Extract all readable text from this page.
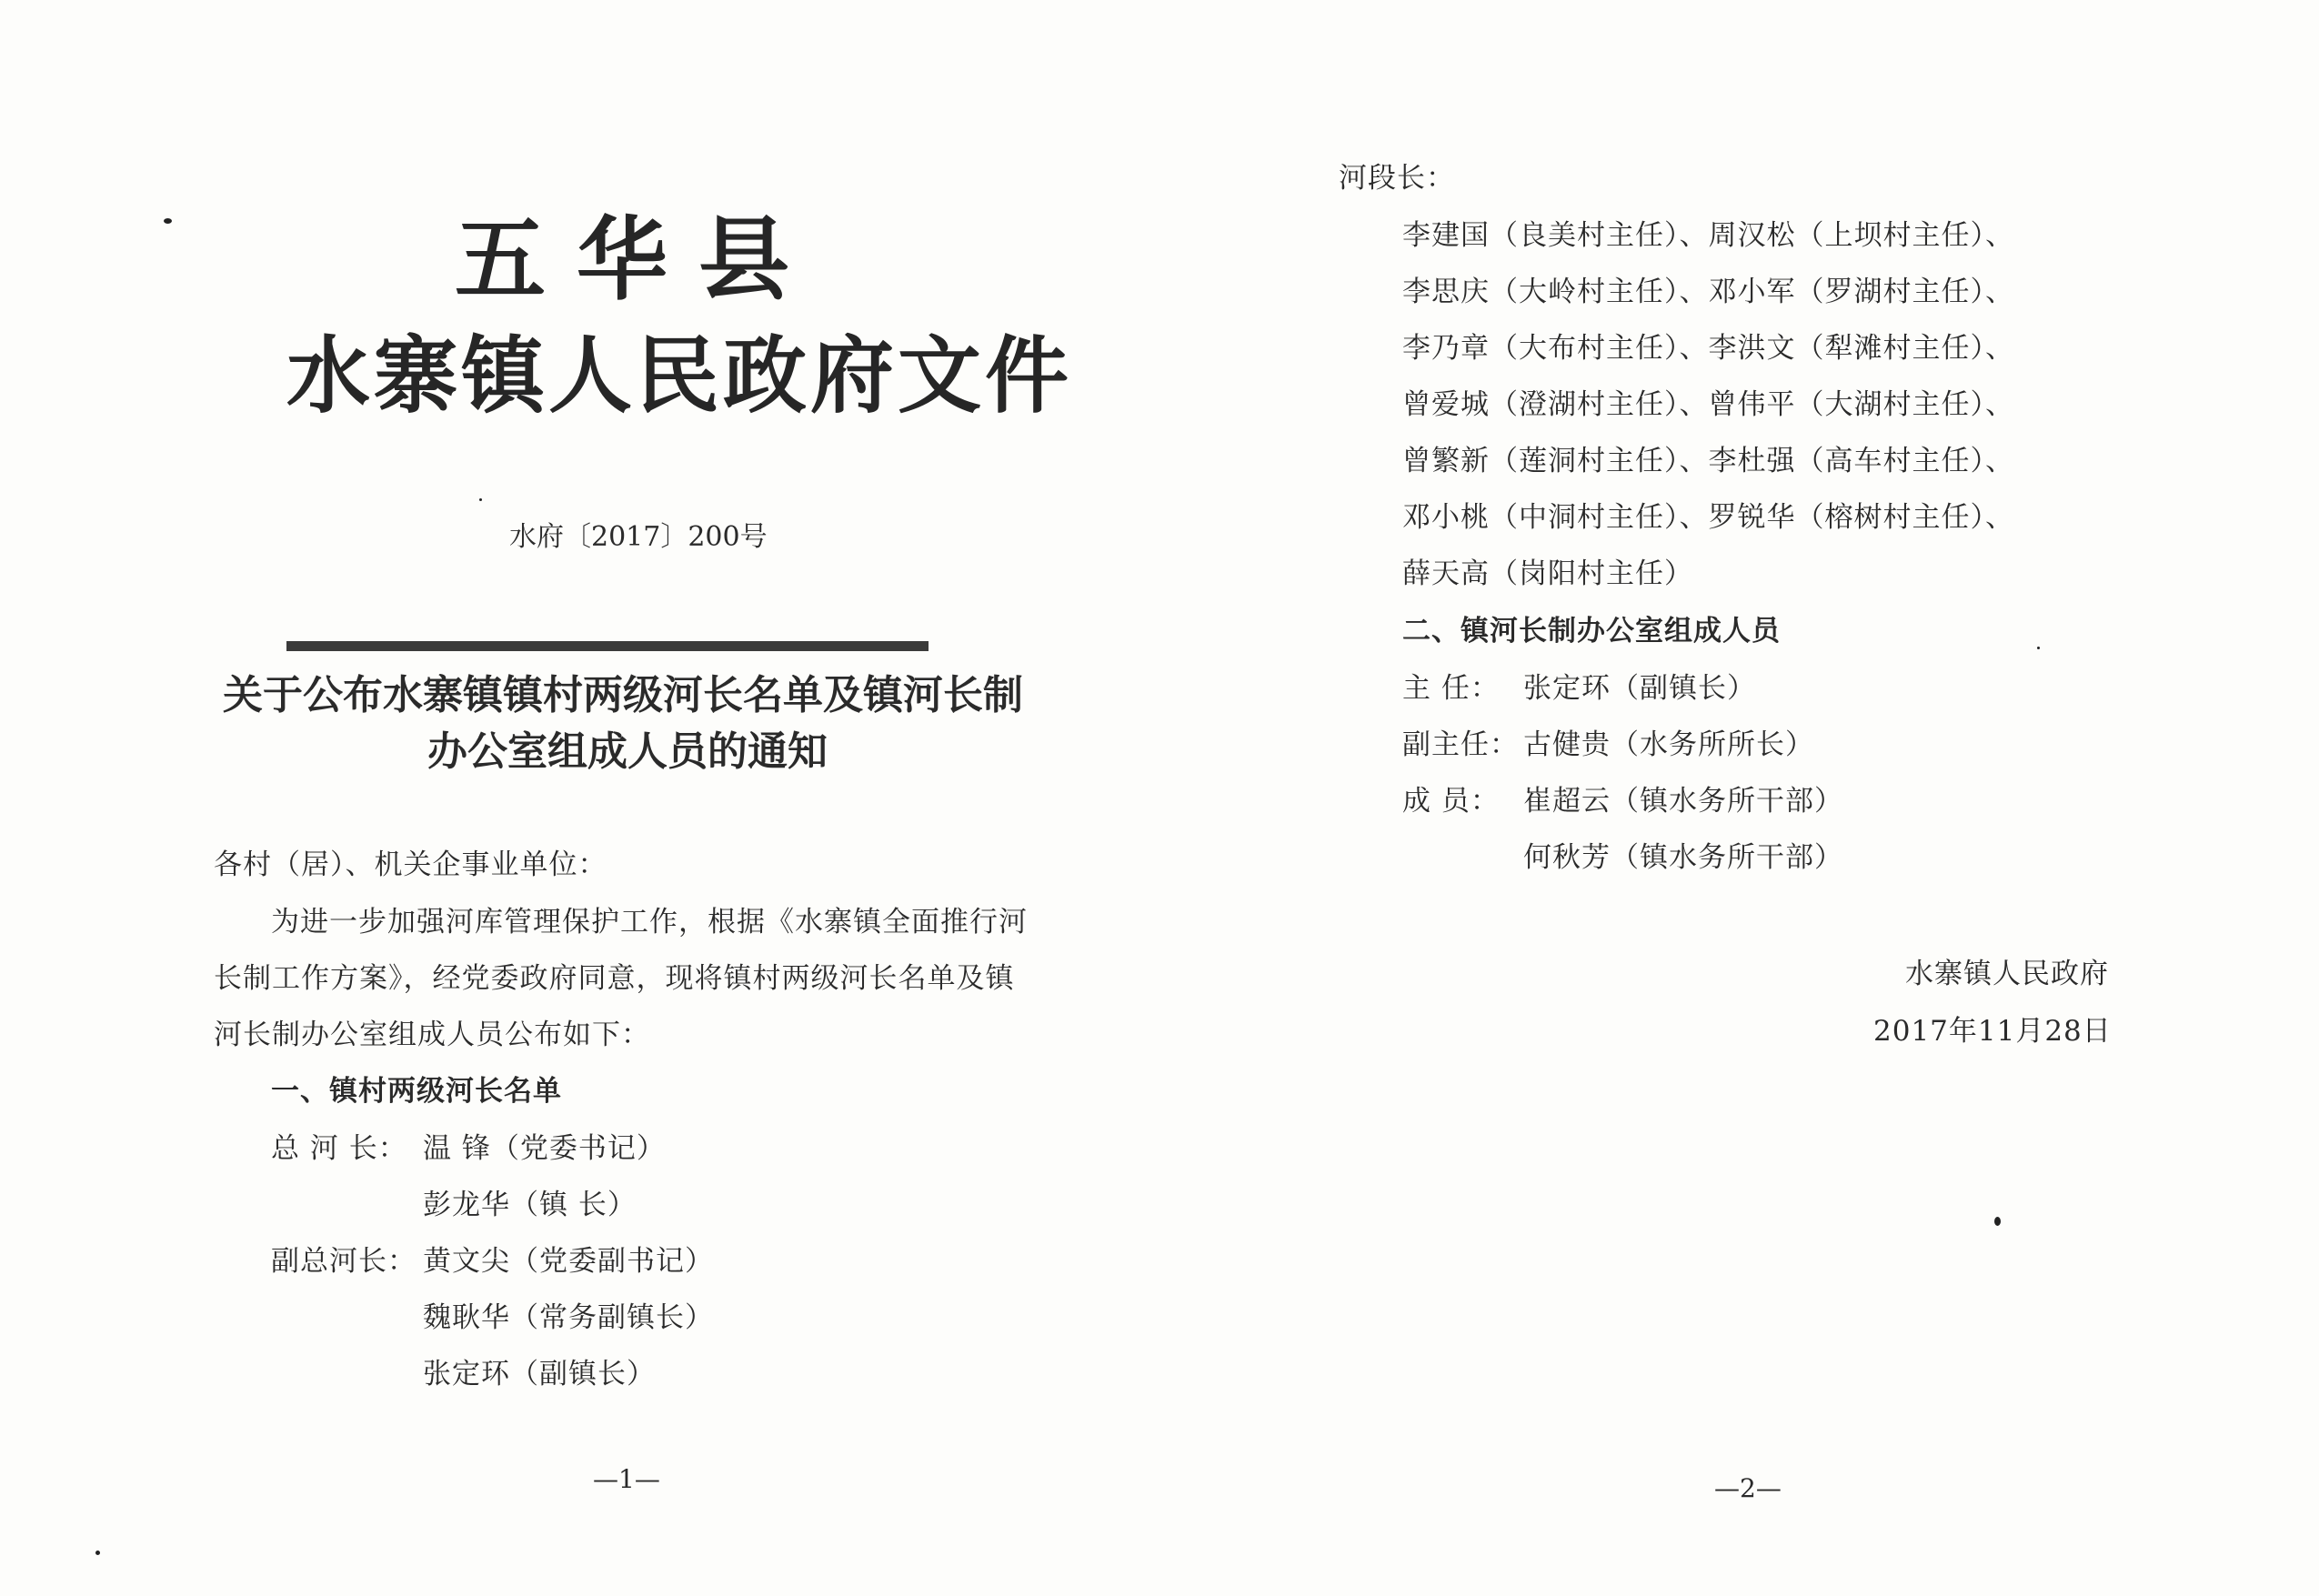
五华县
水寨镇人民政府文件
水府〔2017〕200号
关于公布水寨镇镇村两级河长名单及镇河长制
办公室组成人员的通知
各村（居）、机关企事业单位：
为进一步加强河库管理保护工作，根据《水寨镇全面推行河
长制工作方案》，经党委政府同意，现将镇村两级河长名单及镇
河长制办公室组成人员公布如下：
一、镇村两级河长名单
总 河 长： 温 锋（党委书记）
彭龙华（镇 长）
副总河长： 黄文尖（党委副书记）
魏耿华（常务副镇长）
张定环（副镇长）
—1—
河段长：
李建国（良美村主任）、周汉松（上坝村主任）、
李思庆（大岭村主任）、邓小军（罗湖村主任）、
李乃章（大布村主任）、李洪文（犁滩村主任）、
曾爱城（澄湖村主任）、曾伟平（大湖村主任）、
曾繁新（莲洞村主任）、李杜强（高车村主任）、
邓小桃（中洞村主任）、罗锐华（榕树村主任）、
薛天高（岗阳村主任）
二、镇河长制办公室组成人员
主 任： 张定环（副镇长）
副主任： 古健贵（水务所所长）
成 员： 崔超云（镇水务所干部）
何秋芳（镇水务所干部）
水寨镇人民政府
2017年11月28日
—2—
